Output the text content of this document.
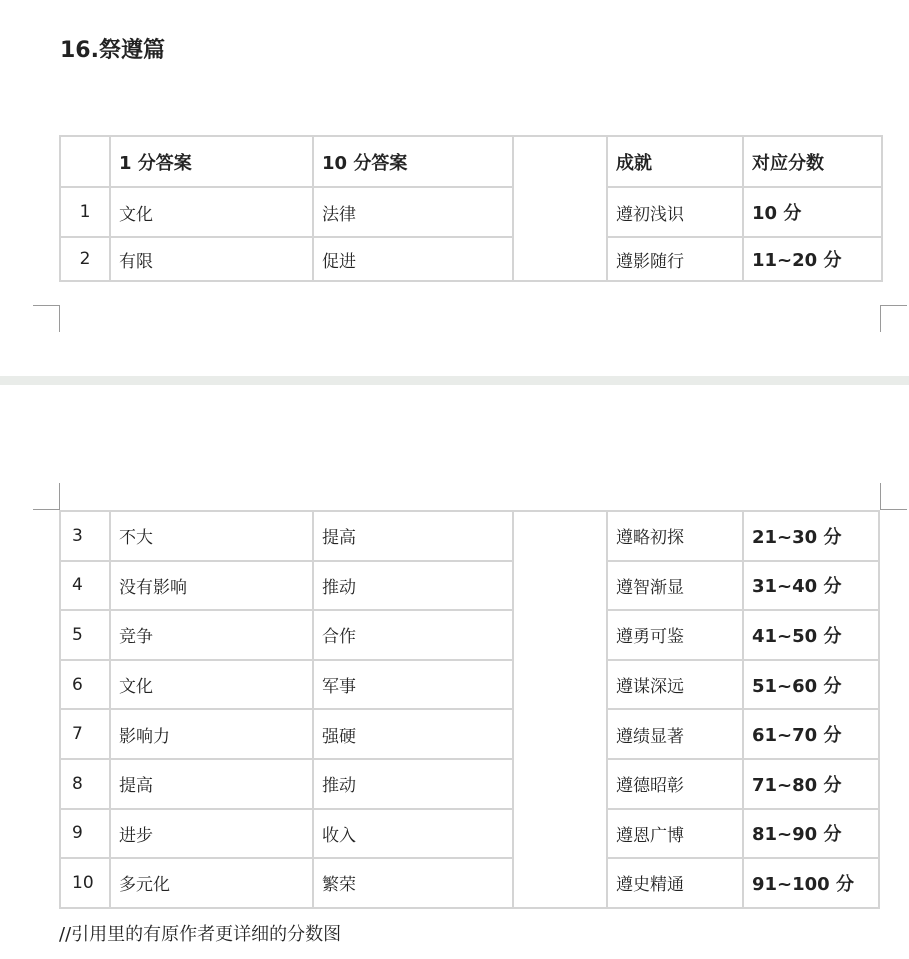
16.祭遵篇
	1 分答案	10 分答案		成就	对应分数
1	文化	法律		遵初浅识	10 分
2	有限	促进		遵影随行	11~20 分
3	不大	提高		遵略初探	21~30 分
4	没有影响	推动		遵智渐显	31~40 分
5	竞争	合作		遵勇可鉴	41~50 分
6	文化	军事		遵谋深远	51~60 分
7	影响力	强硬		遵绩显著	61~70 分
8	提高	推动		遵德昭彰	71~80 分
9	进步	收入		遵恩广博	81~90 分
10	多元化	繁荣		遵史精通	91~100 分
//引用里的有原作者更详细的分数图
